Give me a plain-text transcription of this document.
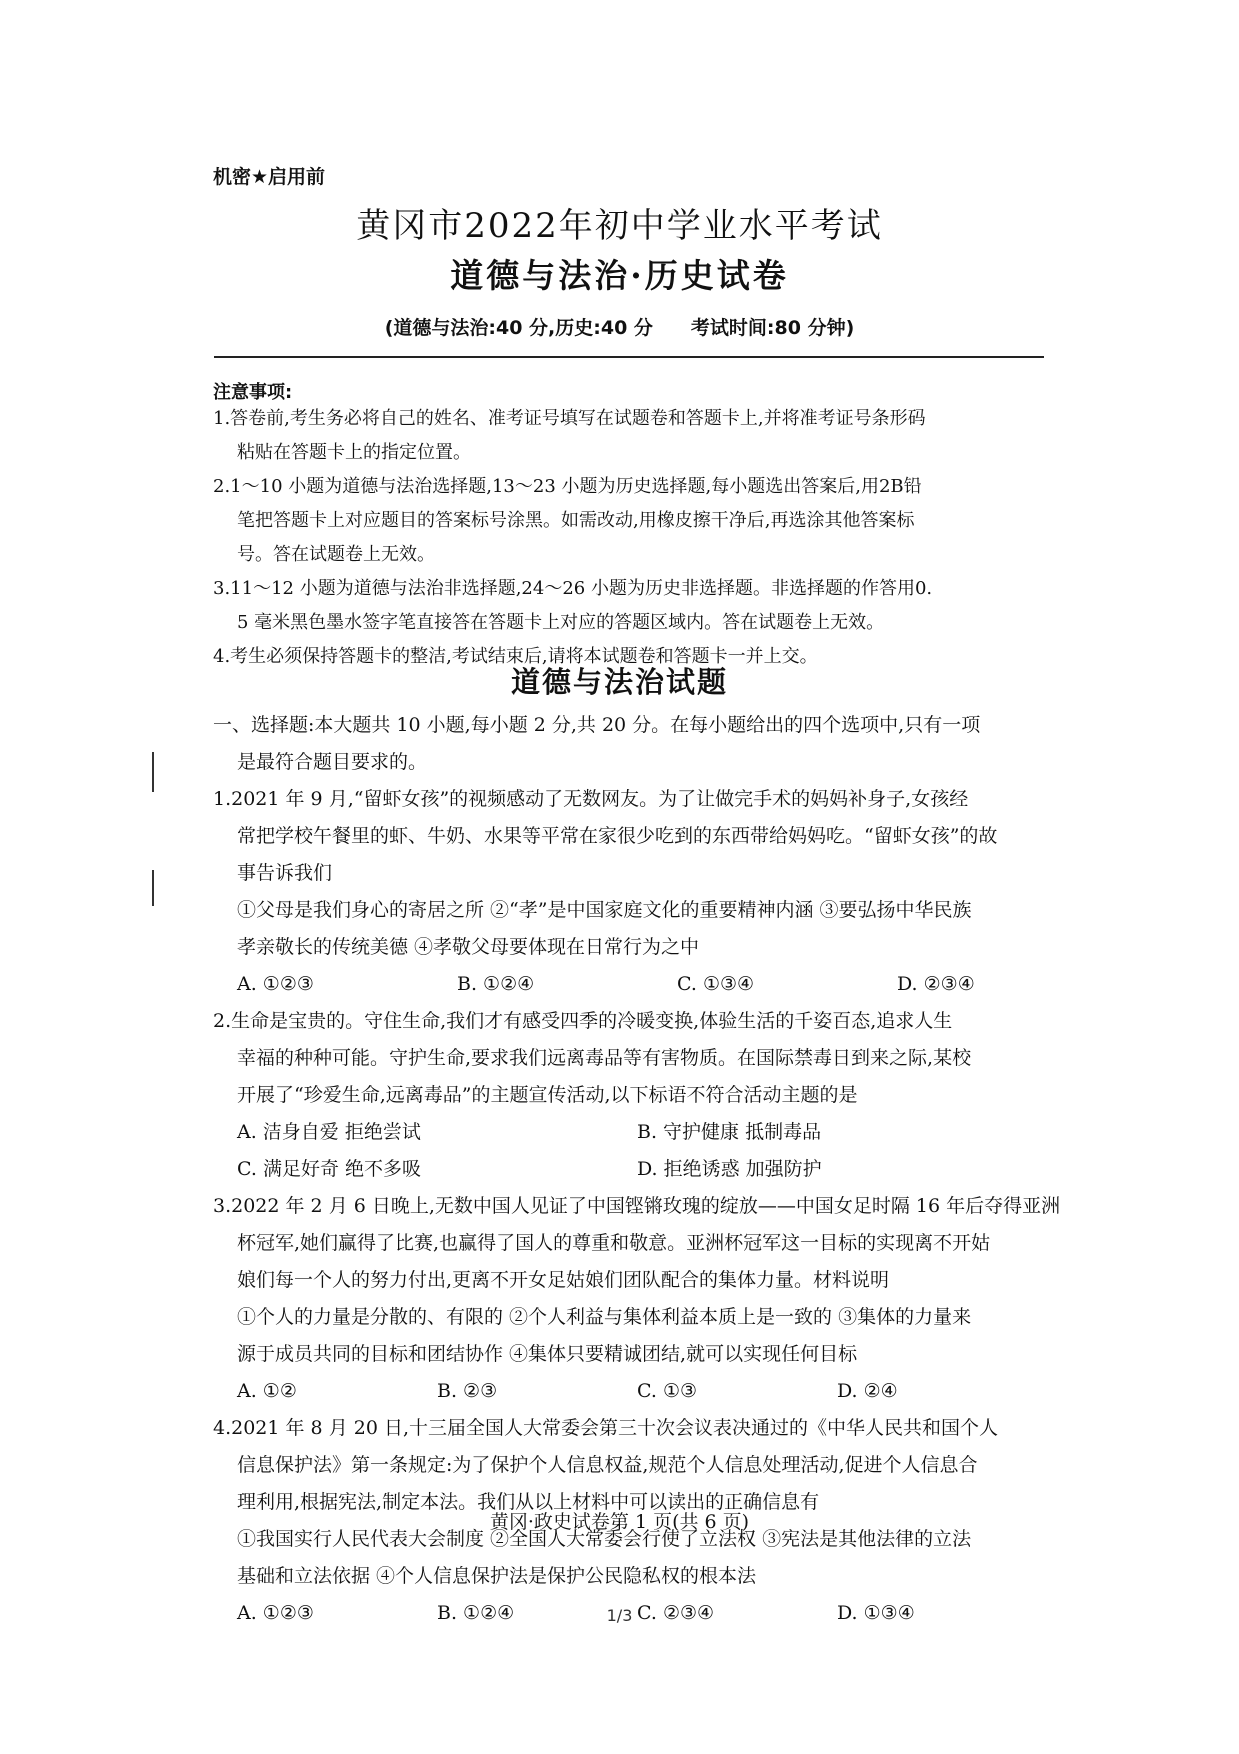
机密★启用前
黄冈市2022年初中学业水平考试
道德与法治·历史试卷
(道德与法治:40 分,历史:40 分　　考试时间:80 分钟)
注意事项:

1.答卷前,考生务必将自己的姓名、准考证号填写在试题卷和答题卡上,并将准考证号条形码

粘贴在答题卡上的指定位置。

2.1～10 小题为道德与法治选择题,13～23 小题为历史选择题,每小题选出答案后,用2B铅

笔把答题卡上对应题目的答案标号涂黑。如需改动,用橡皮擦干净后,再选涂其他答案标

号。答在试题卷上无效。

3.11～12 小题为道德与法治非选择题,24～26 小题为历史非选择题。非选择题的作答用0.

5 毫米黑色墨水签字笔直接答在答题卡上对应的答题区域内。答在试题卷上无效。

4.考生必须保持答题卡的整洁,考试结束后,请将本试题卷和答题卡一并上交。

道德与法治试题

一、选择题:本大题共 10 小题,每小题 2 分,共 20 分。在每小题给出的四个选项中,只有一项

是最符合题目要求的。

1.2021 年 9 月,“留虾女孩”的视频感动了无数网友。为了让做完手术的妈妈补身子,女孩经

常把学校午餐里的虾、牛奶、水果等平常在家很少吃到的东西带给妈妈吃。“留虾女孩”的故

事告诉我们

①父母是我们身心的寄居之所 ②“孝”是中国家庭文化的重要精神内涵 ③要弘扬中华民族

孝亲敬长的传统美德 ④孝敬父母要体现在日常行为之中

A. ①②③	B. ①②④	C. ①③④	D. ②③④

2.生命是宝贵的。守住生命,我们才有感受四季的冷暖变换,体验生活的千姿百态,追求人生

幸福的种种可能。守护生命,要求我们远离毒品等有害物质。在国际禁毒日到来之际,某校

开展了“珍爱生命,远离毒品”的主题宣传活动,以下标语不符合活动主题的是

A. 洁身自爱 拒绝尝试	B. 守护健康 抵制毒品
C. 满足好奇 绝不多吸	D. 拒绝诱惑 加强防护

3.2022 年 2 月 6 日晚上,无数中国人见证了中国铿锵玫瑰的绽放——中国女足时隔 16 年后夺得亚洲

杯冠军,她们赢得了比赛,也赢得了国人的尊重和敬意。亚洲杯冠军这一目标的实现离不开姑

娘们每一个人的努力付出,更离不开女足姑娘们团队配合的集体力量。材料说明

①个人的力量是分散的、有限的 ②个人利益与集体利益本质上是一致的 ③集体的力量来

源于成员共同的目标和团结协作 ④集体只要精诚团结,就可以实现任何目标

A. ①②	B. ②③	C. ①③	D. ②④

4.2021 年 8 月 20 日,十三届全国人大常委会第三十次会议表决通过的《中华人民共和国个人

信息保护法》第一条规定:为了保护个人信息权益,规范个人信息处理活动,促进个人信息合

理利用,根据宪法,制定本法。我们从以上材料中可以读出的正确信息有

①我国实行人民代表大会制度 ②全国人大常委会行使了立法权 ③宪法是其他法律的立法

基础和立法依据 ④个人信息保护法是保护公民隐私权的根本法

A. ①②③	B. ①②④	C. ②③④	D. ①③④
黄冈·政史试卷第 1 页(共 6 页)
1/3
